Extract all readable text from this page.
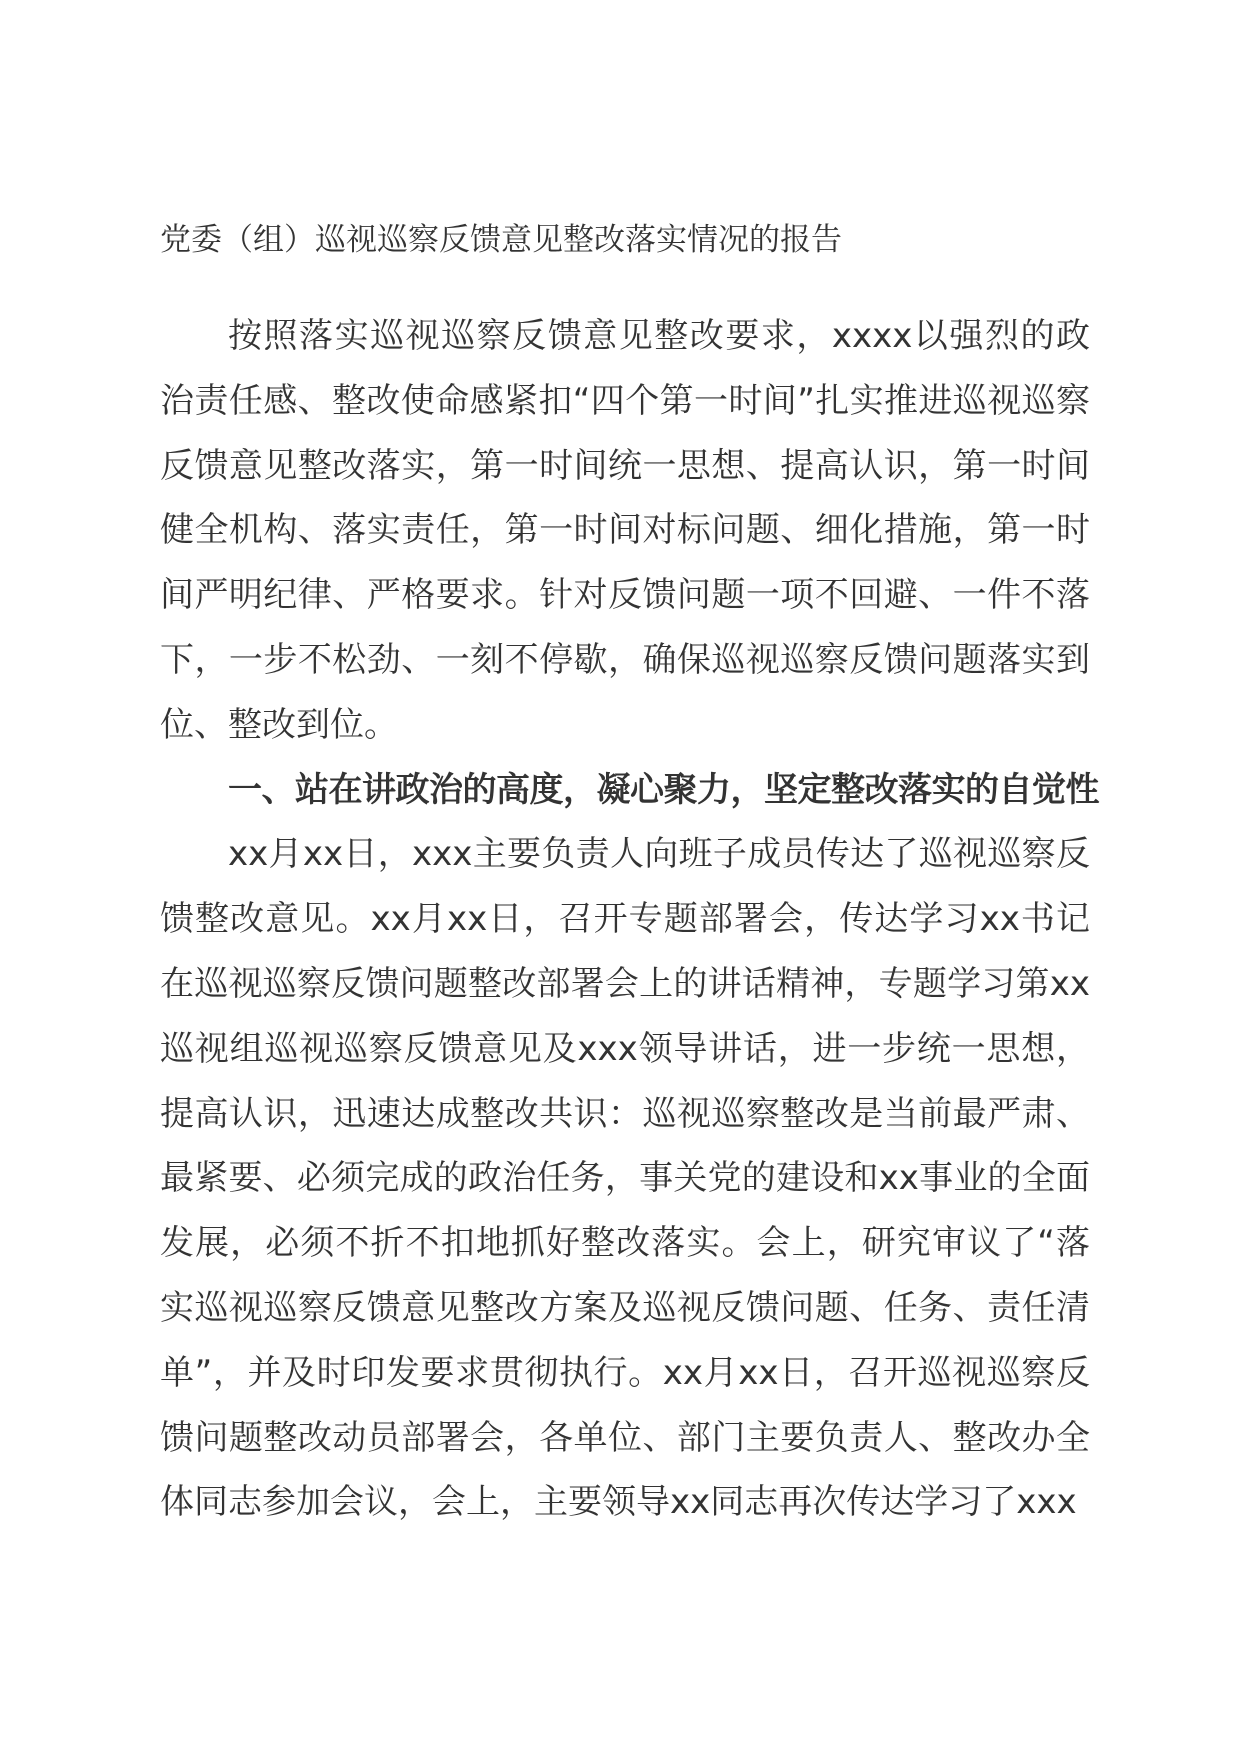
党委（组）巡视巡察反馈意见整改落实情况的报告

按照落实巡视巡察反馈意见整改要求，xxxx以强烈的政治责任感、整改使命感紧扣“四个第一时间”扎实推进巡视巡察反馈意见整改落实，第一时间统一思想、提高认识，第一时间健全机构、落实责任，第一时间对标问题、细化措施，第一时间严明纪律、严格要求。针对反馈问题一项不回避、一件不落下，一步不松劲、一刻不停歇，确保巡视巡察反馈问题落实到位、整改到位。

一、站在讲政治的高度，凝心聚力，坚定整改落实的自觉性

xx月xx日，xxx主要负责人向班子成员传达了巡视巡察反馈整改意见。xx月xx日，召开专题部署会，传达学习xx书记在巡视巡察反馈问题整改部署会上的讲话精神，专题学习第xx巡视组巡视巡察反馈意见及xxx领导讲话，进一步统一思想，提高认识，迅速达成整改共识：巡视巡察整改是当前最严肃、最紧要、必须完成的政治任务，事关党的建设和xx事业的全面发展，必须不折不扣地抓好整改落实。会上，研究审议了“落实巡视巡察反馈意见整改方案及巡视反馈问题、任务、责任清单”，并及时印发要求贯彻执行。xx月xx日，召开巡视巡察反馈问题整改动员部署会，各单位、部门主要负责人、整改办全体同志参加会议，会上，主要领导xx同志再次传达学习了xxx
